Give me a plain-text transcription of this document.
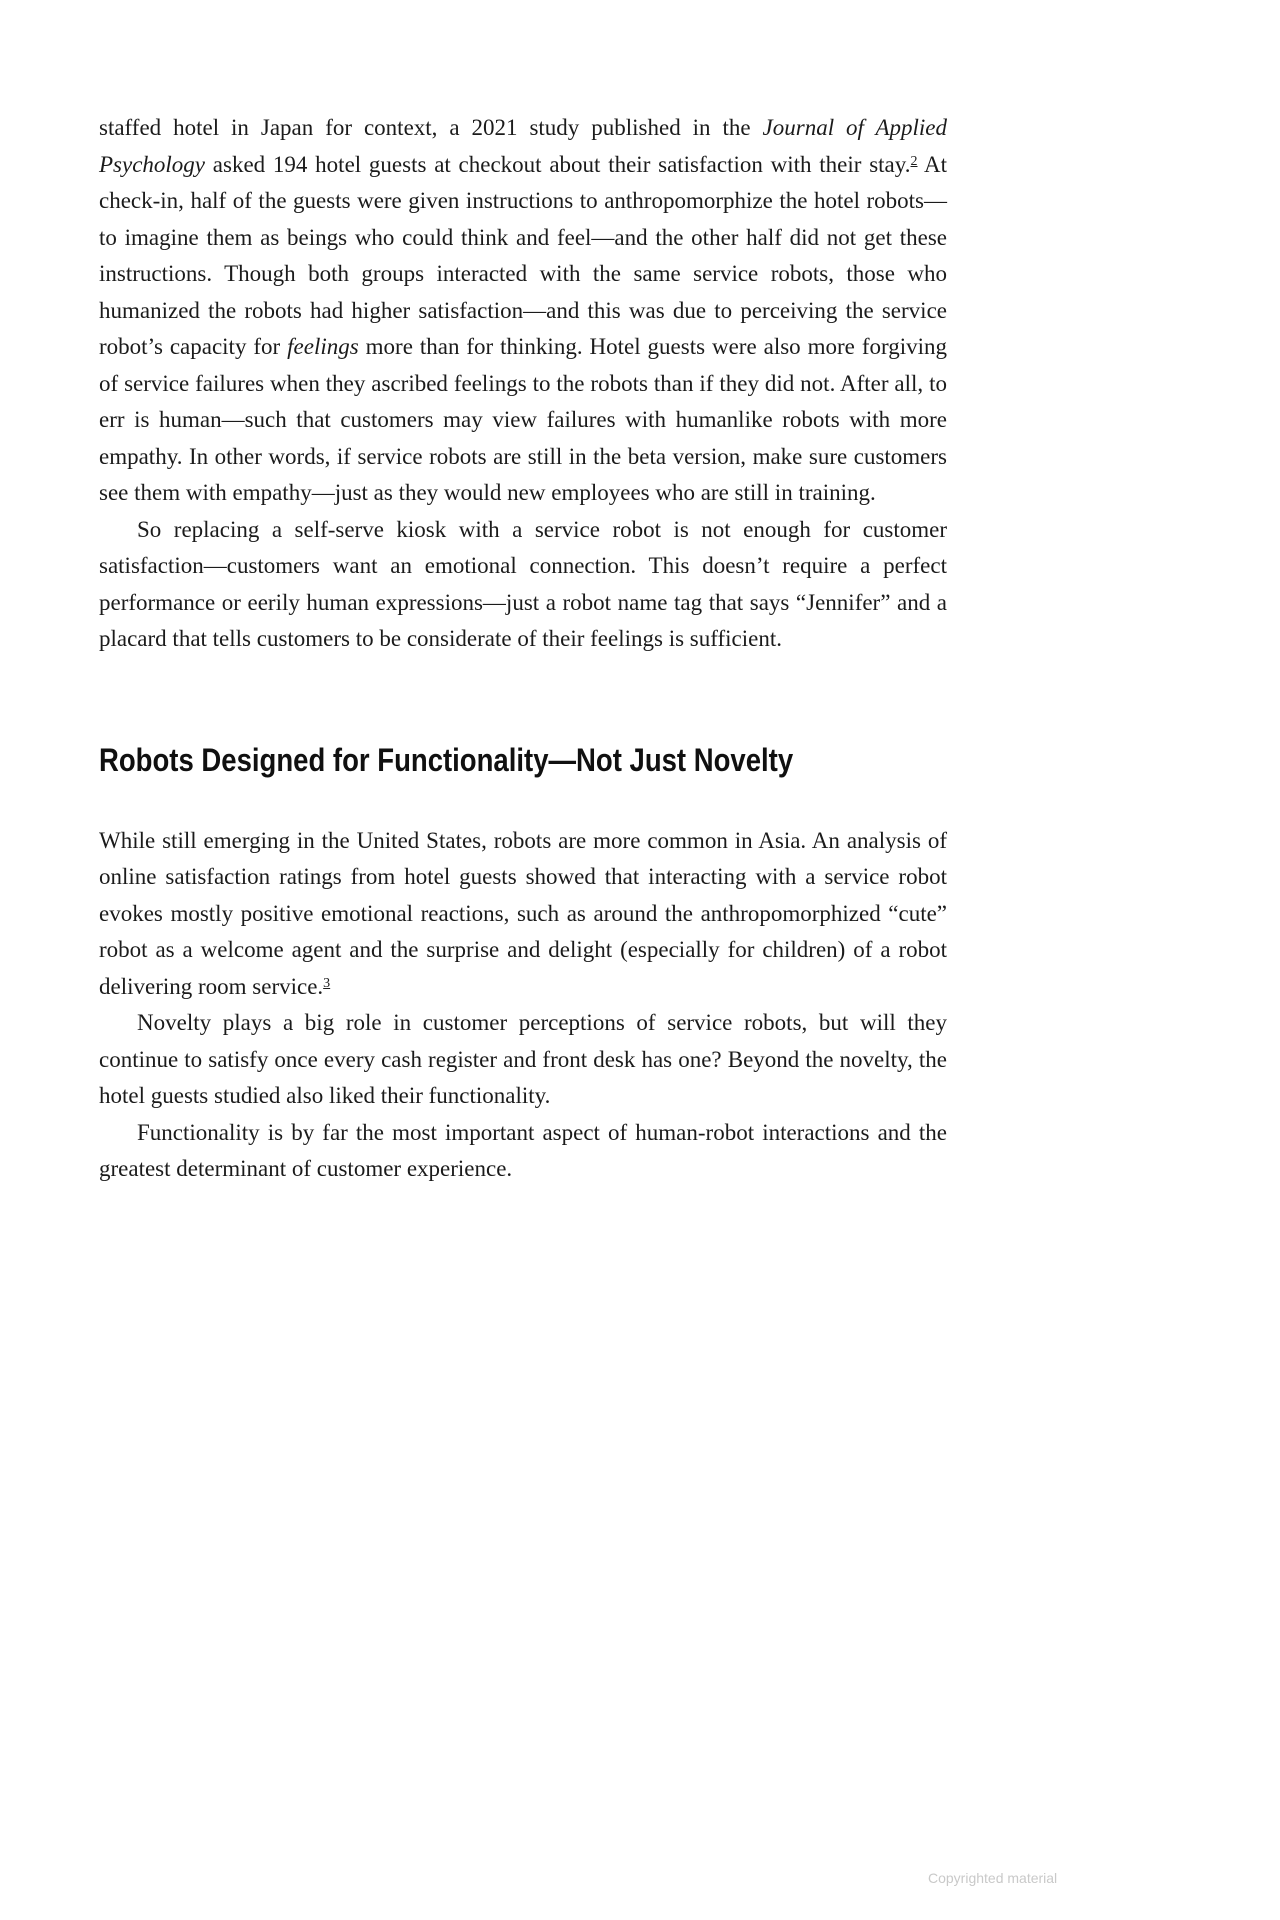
staffed hotel in Japan for context, a 2021 study published in the Journal of Applied Psychology asked 194 hotel guests at checkout about their satisfaction with their stay.$^2$ At check-in, half of the guests were given instructions to anthropomorphize the hotel robots—to imagine them as beings who could think and feel—and the other half did not get these instructions. Though both groups interacted with the same service robots, those who humanized the robots had higher satisfaction—and this was due to perceiving the service robot’s capacity for feelings more than for thinking. Hotel guests were also more forgiving of service failures when they ascribed feelings to the robots than if they did not. After all, to err is human—such that customers may view failures with humanlike robots with more empathy. In other words, if service robots are still in the beta version, make sure customers see them with empathy—just as they would new employees who are still in training.

So replacing a self-serve kiosk with a service robot is not enough for customer satisfaction—customers want an emotional connection. This doesn’t require a perfect performance or eerily human expressions—just a robot name tag that says “Jennifer” and a placard that tells customers to be considerate of their feelings is sufficient.

Robots Designed for Functionality—Not Just Novelty

While still emerging in the United States, robots are more common in Asia. An analysis of online satisfaction ratings from hotel guests showed that interacting with a service robot evokes mostly positive emotional reactions, such as around the anthropomorphized “cute” robot as a welcome agent and the surprise and delight (especially for children) of a robot delivering room service.$^3$

Novelty plays a big role in customer perceptions of service robots, but will they continue to satisfy once every cash register and front desk has one? Beyond the novelty, the hotel guests studied also liked their functionality.

Functionality is by far the most important aspect of human-robot interactions and the greatest determinant of customer experience.

Copyrighted material
